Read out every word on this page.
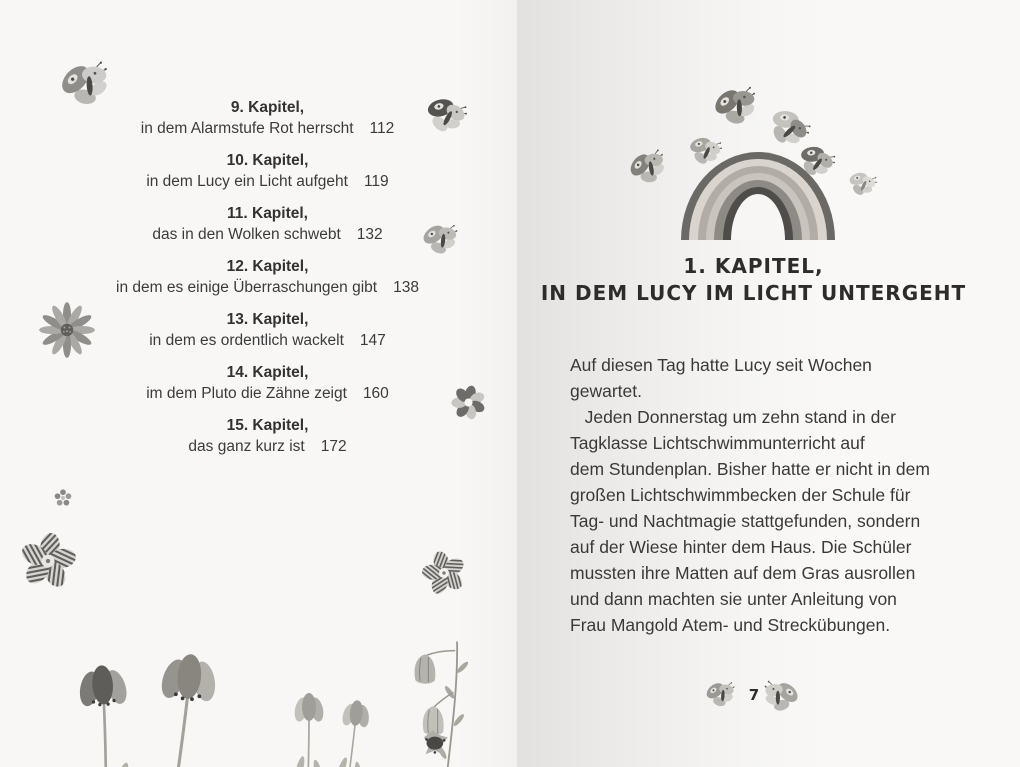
9. Kapitel,
in dem Alarmstufe Rot herrscht 112
10. Kapitel,
in dem Lucy ein Licht aufgeht 119
11. Kapitel,
das in den Wolken schwebt 132
12. Kapitel,
in dem es einige Überraschungen gibt 138
13. Kapitel,
in dem es ordentlich wackelt 147
14. Kapitel,
im dem Pluto die Zähne zeigt 160
15. Kapitel,
das ganz kurz ist 172
1. KAPITEL,
IN DEM LUCY IM LICHT UNTERGEHT
Auf diesen Tag hatte Lucy seit Wochen
gewartet.
Jeden Donnerstag um zehn stand in der
Tagklasse Lichtschwimmunterricht auf
dem Stundenplan. Bisher hatte er nicht in dem
großen Lichtschwimmbecken der Schule für
Tag- und Nachtmagie stattgefunden, sondern
auf der Wiese hinter dem Haus. Die Schüler
mussten ihre Matten auf dem Gras ausrollen
und dann machten sie unter Anleitung von
Frau Mangold Atem- und Streckübungen.
7
